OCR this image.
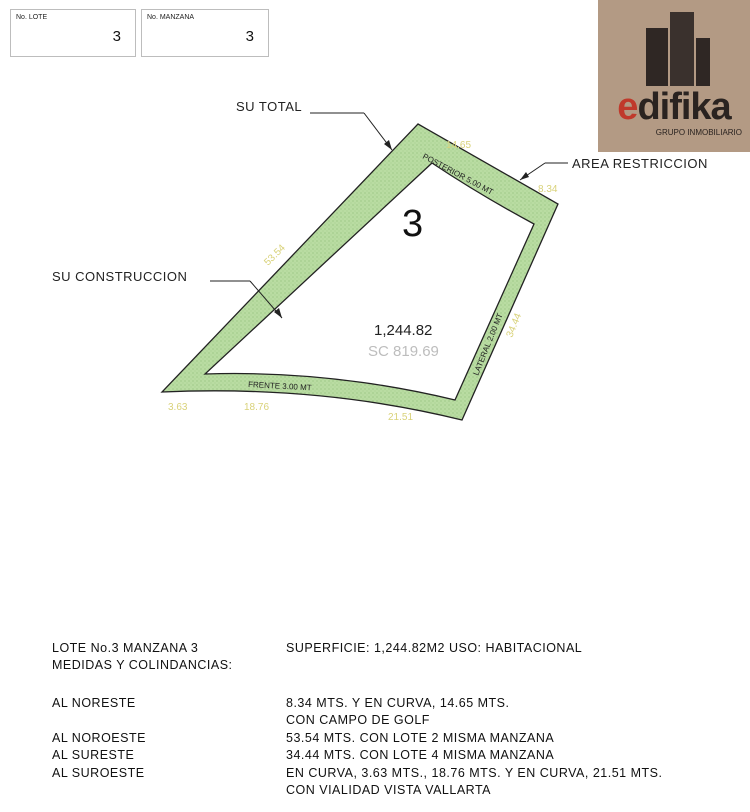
No. LOTE
3
No. MANZANA
3
edifika
GRUPO INMOBILIARIO
SU TOTAL
AREA RESTRICCION
SU CONSTRUCCION
3
1,244.82
SC 819.69
POSTERIOR 5.00 MT
LATERAL 2.00 MT
FRENTE 3.00 MT
14.65
8.34
53.54
34.44
3.63	18.76
21.51
LOTE No.3 MANZANA 3	SUPERFICIE: 1,244.82M2 USO: HABITACIONAL
MEDIDAS Y COLINDANCIAS:
AL NORESTE	8.34 MTS. Y EN CURVA, 14.65 MTS.
CON CAMPO DE GOLF
AL NOROESTE	53.54 MTS. CON LOTE 2 MISMA MANZANA
AL SURESTE	34.44 MTS. CON LOTE 4 MISMA MANZANA
AL SUROESTE	EN CURVA, 3.63 MTS., 18.76 MTS. Y EN CURVA, 21.51 MTS.
CON VIALIDAD VISTA VALLARTA
